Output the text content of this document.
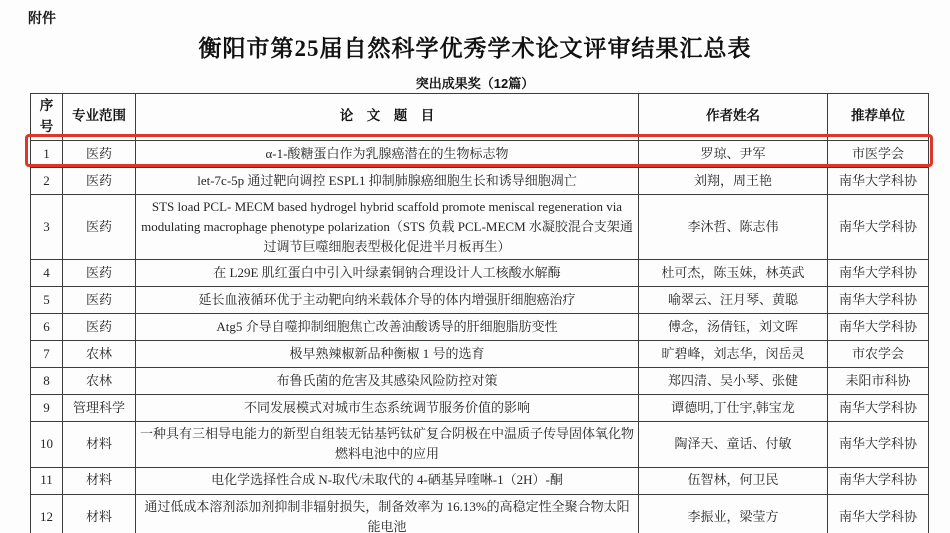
附件
衡阳市第25届自然科学优秀学术论文评审结果汇总表
突出成果奖（12篇）
序号	专业范围	论　文　题　目	作者姓名	推荐单位
1	医药	α-1-酸糖蛋白作为乳腺癌潜在的生物标志物	罗琼、尹军	市医学会
2	医药	let-7c-5p 通过靶向调控 ESPL1 抑制肺腺癌细胞生长和诱导细胞凋亡	刘翔，周王艳	南华大学科协
3	医药	STS load PCL- MECM based hydrogel hybrid scaffold promote meniscal regeneration via modulating macrophage phenotype polarization（STS 负载 PCL-MECM 水凝胶混合支架通过调节巨噬细胞表型极化促进半月板再生）	李沐哲、陈志伟	南华大学科协
4	医药	在 L29E 肌红蛋白中引入叶绿素铜钠合理设计人工核酸水解酶	杜可杰，陈玉妹，林英武	南华大学科协
5	医药	延长血液循环优于主动靶向纳米载体介导的体内增强肝细胞癌治疗	喻翠云、汪月琴、黄聪	南华大学科协
6	医药	Atg5 介导自噬抑制细胞焦亡改善油酸诱导的肝细胞脂肪变性	傅念，汤倩钰，刘文晖	南华大学科协
7	农林	极早熟辣椒新品种衡椒 1 号的选育	旷碧峰，刘志华，闵岳灵	市农学会
8	农林	布鲁氏菌的危害及其感染风险防控对策	郑四清、吴小琴、张健	耒阳市科协
9	管理科学	不同发展模式对城市生态系统调节服务价值的影响	谭德明,丁仕宇,韩宝龙	南华大学科协
10	材料	一种具有三相导电能力的新型自组装无钴基钙钛矿复合阴极在中温质子传导固体氧化物燃料电池中的应用	陶泽天、童话、付敏	南华大学科协
11	材料	电化学选择性合成 N-取代/未取代的 4-硒基异喹啉-1（2H）-酮	伍智林，何卫民	南华大学科协
12	材料	通过低成本溶剂添加剂抑制非辐射损失，制备效率为 16.13%的高稳定性全聚合物太阳能电池	李振业，梁莹方	南华大学科协
